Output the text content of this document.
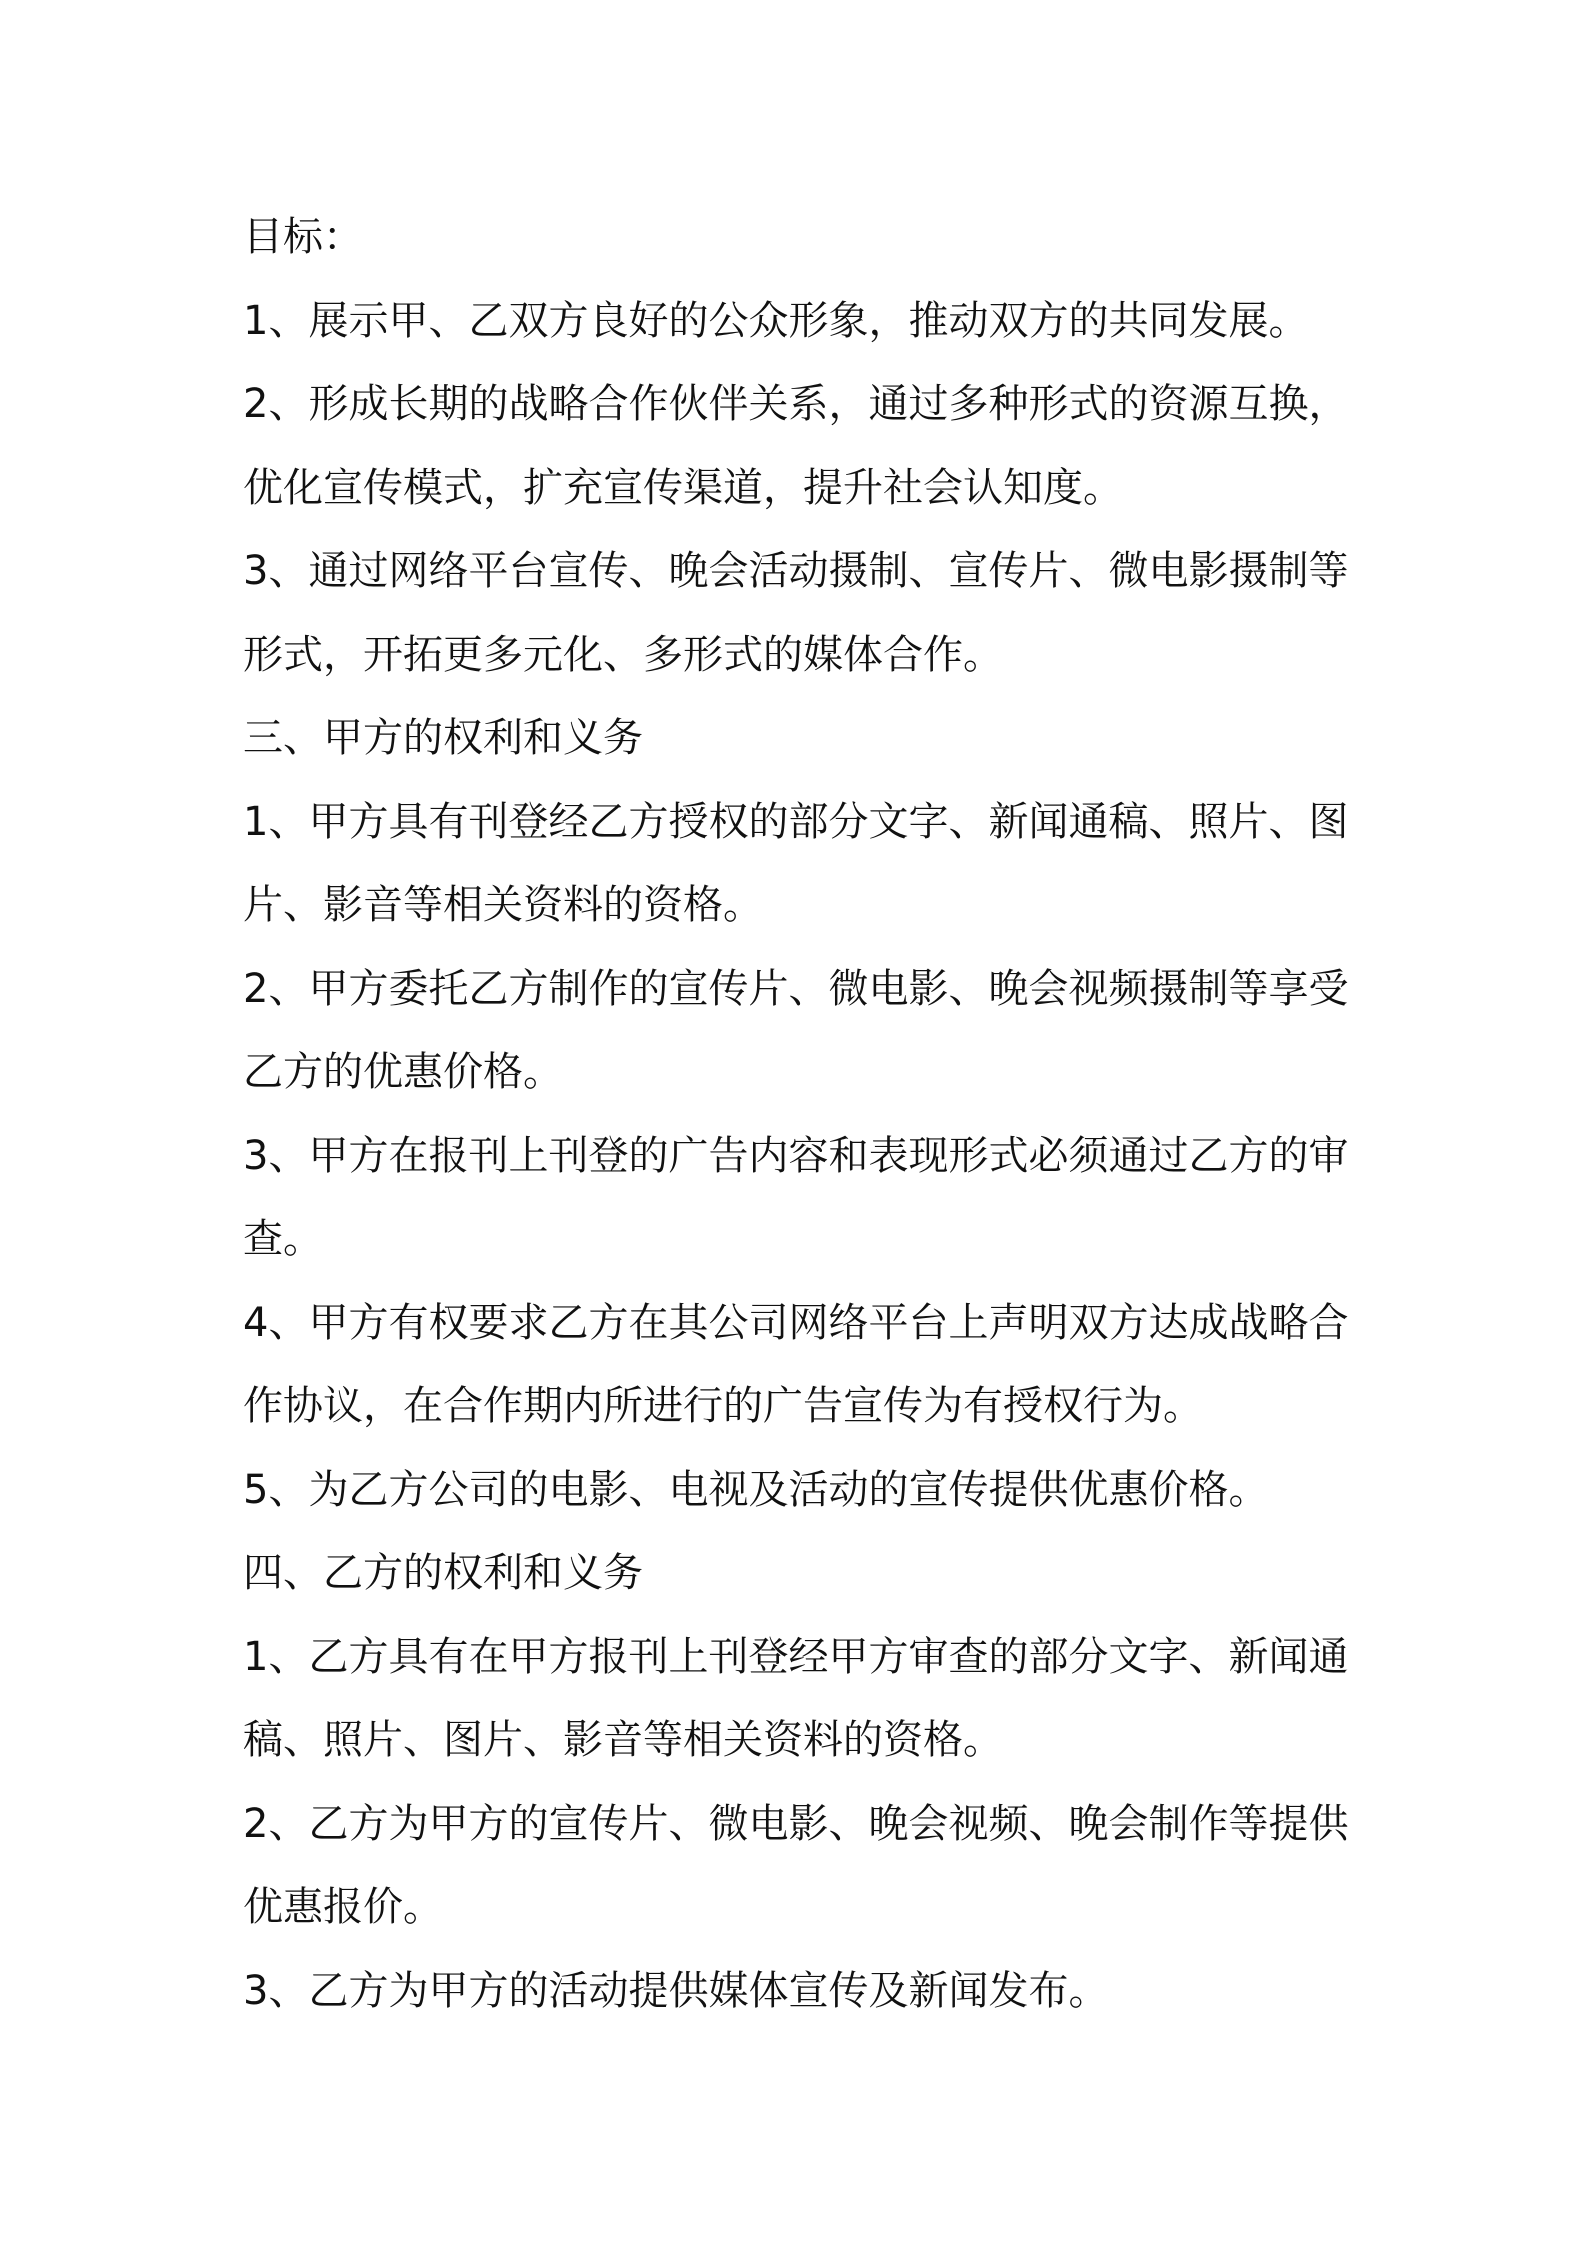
目标：
1、展示甲、乙双方良好的公众形象，推动双方的共同发展。
2、形成长期的战略合作伙伴关系，通过多种形式的资源互换，
优化宣传模式，扩充宣传渠道，提升社会认知度。
3、通过网络平台宣传、晚会活动摄制、宣传片、微电影摄制等
形式，开拓更多元化、多形式的媒体合作。
三、甲方的权利和义务
1、甲方具有刊登经乙方授权的部分文字、新闻通稿、照片、图
片、影音等相关资料的资格。
2、甲方委托乙方制作的宣传片、微电影、晚会视频摄制等享受
乙方的优惠价格。
3、甲方在报刊上刊登的广告内容和表现形式必须通过乙方的审
查。
4、甲方有权要求乙方在其公司网络平台上声明双方达成战略合
作协议，在合作期内所进行的广告宣传为有授权行为。
5、为乙方公司的电影、电视及活动的宣传提供优惠价格。
四、乙方的权利和义务
1、乙方具有在甲方报刊上刊登经甲方审查的部分文字、新闻通
稿、照片、图片、影音等相关资料的资格。
2、乙方为甲方的宣传片、微电影、晚会视频、晚会制作等提供
优惠报价。
3、乙方为甲方的活动提供媒体宣传及新闻发布。
